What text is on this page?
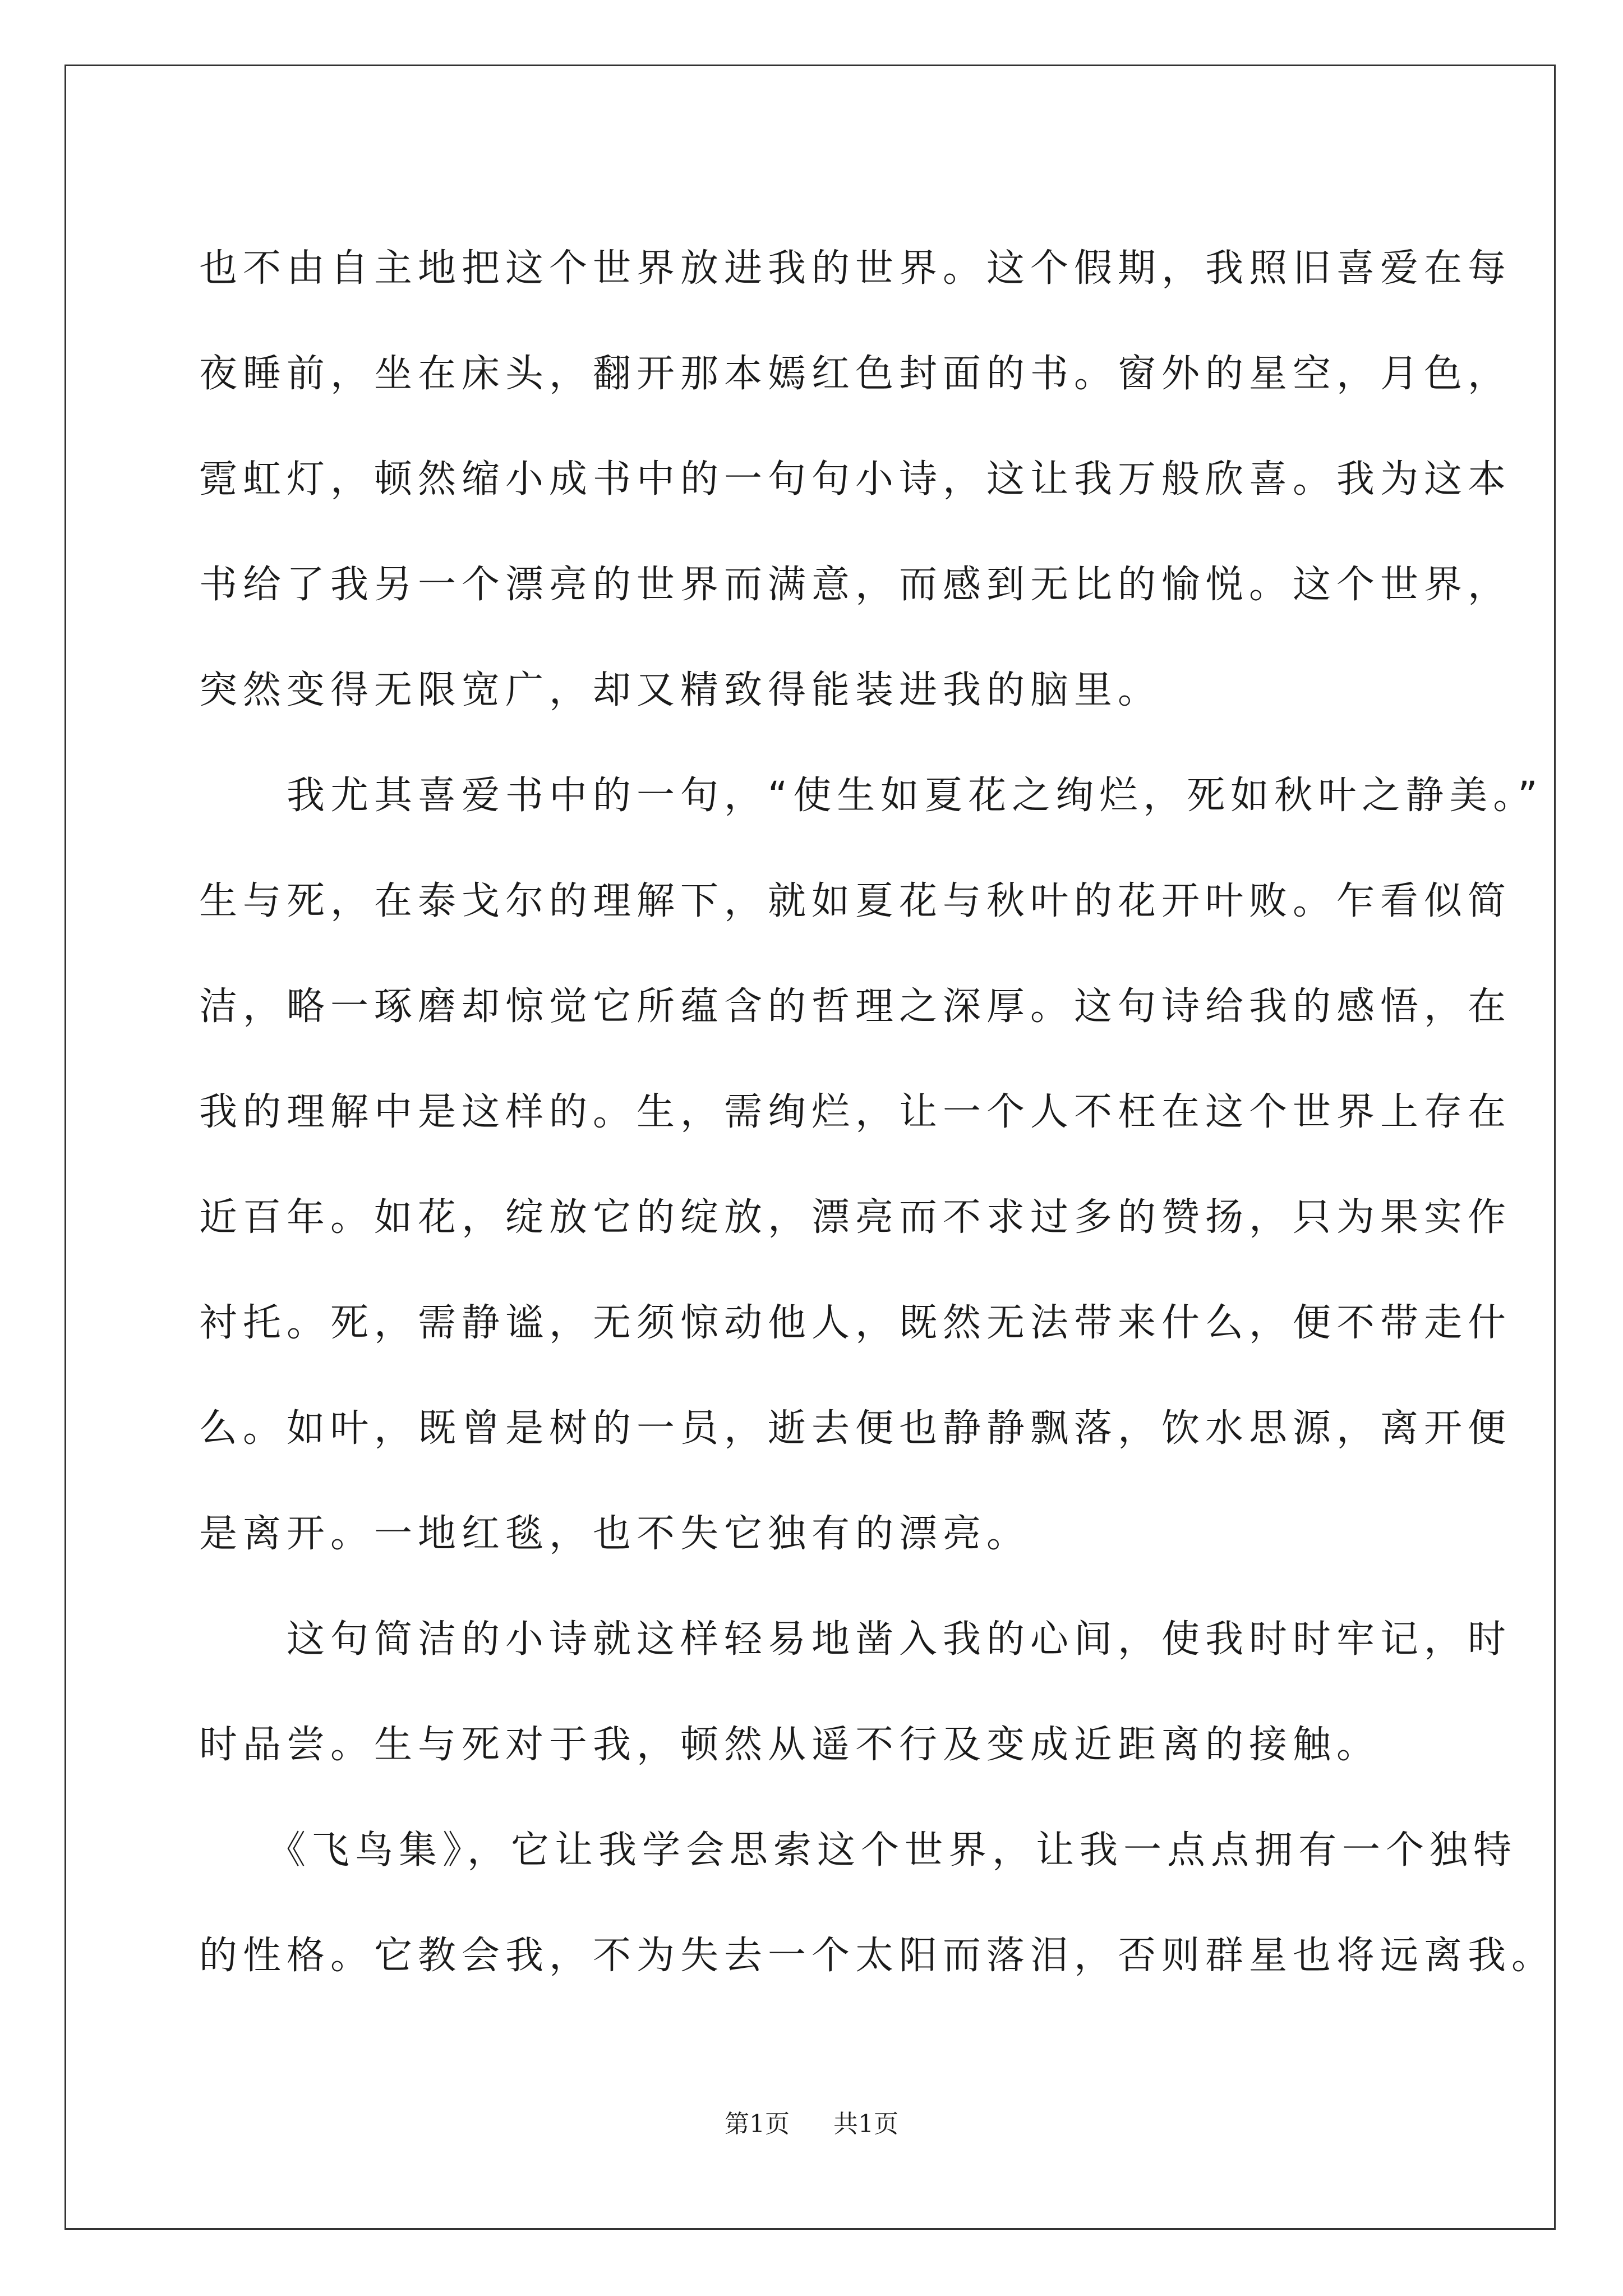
也不由自主地把这个世界放进我的世界。这个假期，我照旧喜爱在每

夜睡前，坐在床头，翻开那本嫣红色封面的书。窗外的星空，月色，

霓虹灯，顿然缩小成书中的一句句小诗，这让我万般欣喜。我为这本

书给了我另一个漂亮的世界而满意，而感到无比的愉悦。这个世界，

突然变得无限宽广，却又精致得能装进我的脑里。

　　我尤其喜爱书中的一句，“使生如夏花之绚烂，死如秋叶之静美。”

生与死，在泰戈尔的理解下，就如夏花与秋叶的花开叶败。乍看似简

洁，略一琢磨却惊觉它所蕴含的哲理之深厚。这句诗给我的感悟，在

我的理解中是这样的。生，需绚烂，让一个人不枉在这个世界上存在

近百年。如花，绽放它的绽放，漂亮而不求过多的赞扬，只为果实作

衬托。死，需静谧，无须惊动他人，既然无法带来什么，便不带走什

么。如叶，既曾是树的一员，逝去便也静静飘落，饮水思源，离开便

是离开。一地红毯，也不失它独有的漂亮。

　　这句简洁的小诗就这样轻易地凿入我的心间，使我时时牢记，时

时品尝。生与死对于我，顿然从遥不行及变成近距离的接触。

　　《飞鸟集》，它让我学会思索这个世界，让我一点点拥有一个独特

的性格。它教会我，不为失去一个太阳而落泪，否则群星也将远离我。

第1页 共1页
